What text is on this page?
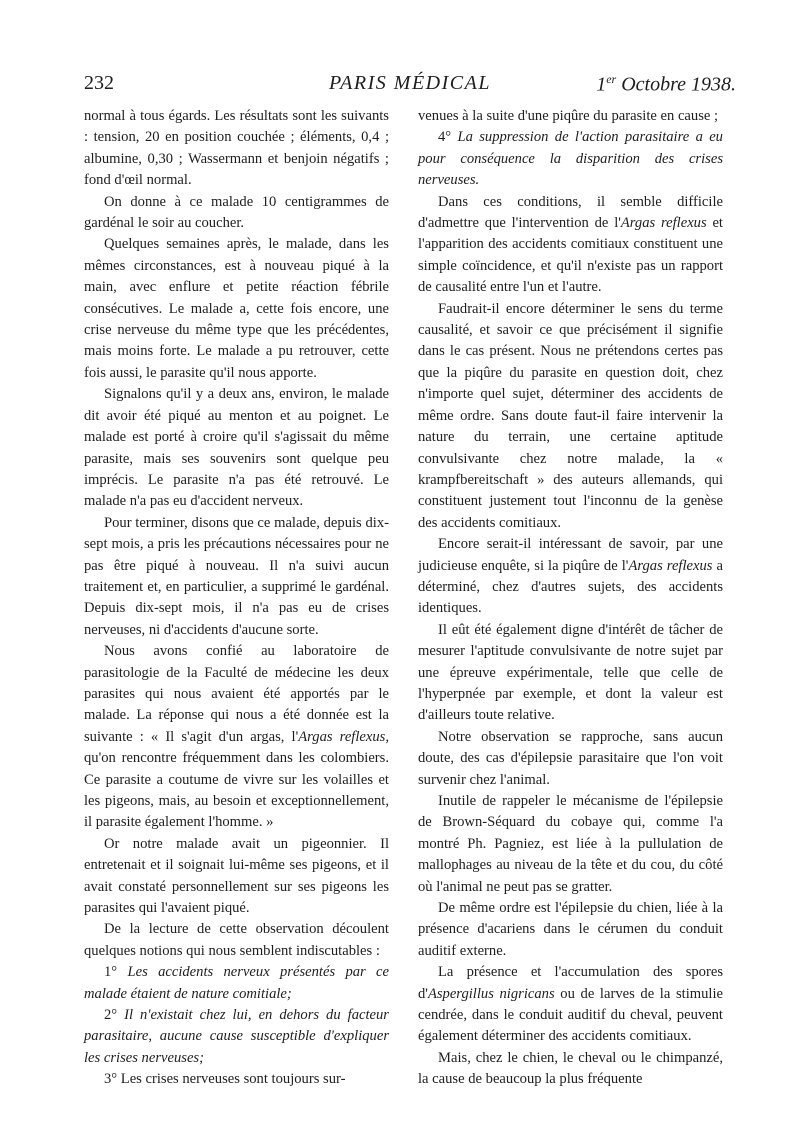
232	PARIS MÉDICAL	1er Octobre 1938.

normal à tous égards. Les résultats sont les suivants : tension, 20 en position couchée ; éléments, 0,4 ; albumine, 0,30 ; Wassermann et benjoin négatifs ; fond d'œil normal.

On donne à ce malade 10 centigrammes de gardénal le soir au coucher.

Quelques semaines après, le malade, dans les mêmes circonstances, est à nouveau piqué à la main, avec enflure et petite réaction fébrile consécutives. Le malade a, cette fois encore, une crise nerveuse du même type que les précédentes, mais moins forte. Le malade a pu retrouver, cette fois aussi, le parasite qu'il nous apporte.

Signalons qu'il y a deux ans, environ, le malade dit avoir été piqué au menton et au poignet. Le malade est porté à croire qu'il s'agissait du même parasite, mais ses souvenirs sont quelque peu imprécis. Le parasite n'a pas été retrouvé. Le malade n'a pas eu d'accident nerveux.

Pour terminer, disons que ce malade, depuis dix-sept mois, a pris les précautions nécessaires pour ne pas être piqué à nouveau. Il n'a suivi aucun traitement et, en particulier, a supprimé le gardénal. Depuis dix-sept mois, il n'a pas eu de crises nerveuses, ni d'accidents d'aucune sorte.

Nous avons confié au laboratoire de parasitologie de la Faculté de médecine les deux parasites qui nous avaient été apportés par le malade. La réponse qui nous a été donnée est la suivante : « Il s'agit d'un argas, l'Argas reflexus, qu'on rencontre fréquemment dans les colombiers. Ce parasite a coutume de vivre sur les volailles et les pigeons, mais, au besoin et exceptionnellement, il parasite également l'homme. »

Or notre malade avait un pigeonnier. Il entretenait et il soignait lui-même ses pigeons, et il avait constaté personnellement sur ses pigeons les parasites qui l'avaient piqué.

De la lecture de cette observation découlent quelques notions qui nous semblent indiscutables :

1° Les accidents nerveux présentés par ce malade étaient de nature comitiale;

2° Il n'existait chez lui, en dehors du facteur parasitaire, aucune cause susceptible d'expliquer les crises nerveuses;

3° Les crises nerveuses sont toujours sur-

venues à la suite d'une piqûre du parasite en cause ;

4° La suppression de l'action parasitaire a eu pour conséquence la disparition des crises nerveuses.

Dans ces conditions, il semble difficile d'admettre que l'intervention de l'Argas reflexus et l'apparition des accidents comitiaux constituent une simple coïncidence, et qu'il n'existe pas un rapport de causalité entre l'un et l'autre.

Faudrait-il encore déterminer le sens du terme causalité, et savoir ce que précisément il signifie dans le cas présent. Nous ne prétendons certes pas que la piqûre du parasite en question doit, chez n'importe quel sujet, déterminer des accidents de même ordre. Sans doute faut-il faire intervenir la nature du terrain, une certaine aptitude convulsivante chez notre malade, la « krampfbereitschaft » des auteurs allemands, qui constituent justement tout l'inconnu de la genèse des accidents comitiaux.

Encore serait-il intéressant de savoir, par une judicieuse enquête, si la piqûre de l'Argas reflexus a déterminé, chez d'autres sujets, des accidents identiques.

Il eût été également digne d'intérêt de tâcher de mesurer l'aptitude convulsivante de notre sujet par une épreuve expérimentale, telle que celle de l'hyperpnée par exemple, et dont la valeur est d'ailleurs toute relative.

Notre observation se rapproche, sans aucun doute, des cas d'épilepsie parasitaire que l'on voit survenir chez l'animal.

Inutile de rappeler le mécanisme de l'épilepsie de Brown-Séquard du cobaye qui, comme l'a montré Ph. Pagniez, est liée à la pullulation de mallophages au niveau de la tête et du cou, du côté où l'animal ne peut pas se gratter.

De même ordre est l'épilepsie du chien, liée à la présence d'acariens dans le cérumen du conduit auditif externe.

La présence et l'accumulation des spores d'Aspergillus nigricans ou de larves de la stimulie cendrée, dans le conduit auditif du cheval, peuvent également déterminer des accidents comitiaux.

Mais, chez le chien, le cheval ou le chimpanzé, la cause de beaucoup la plus fréquente
